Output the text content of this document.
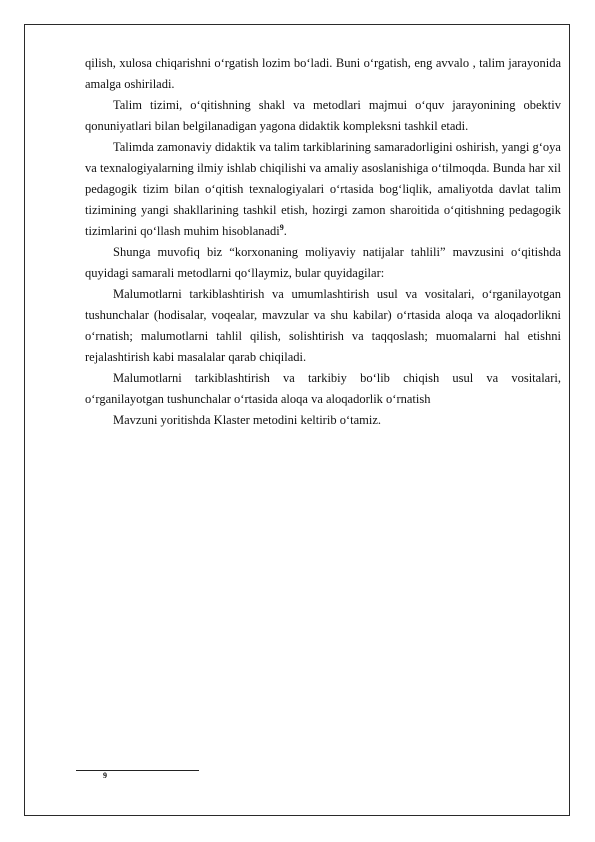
qilish, xulosa chiqarishni o‘rgatish lozim bo‘ladi. Buni o‘rgatish, eng avvalo , talim jarayonida amalga oshiriladi.

Talim tizimi, o‘qitishning shakl va metodlari majmui o‘quv jarayonining obektiv qonuniyatlari bilan belgilanadigan yagona didaktik kompleksni tashkil etadi.

Talimda zamonaviy didaktik va talim tarkiblarining samaradorligini oshirish, yangi g‘oya va texnalogiyalarning ilmiy ishlab chiqilishi va amaliy asoslanishiga o‘tilmoqda. Bunda har xil pedagogik tizim bilan o‘qitish texnalogiyalari o‘rtasida bog‘liqlik, amaliyotda davlat talim tizimining yangi shakllarining tashkil etish, hozirgi zamon sharoitida o‘qitishning pedagogik tizimlarini qo‘llash muhim hisoblanadi$^9$.

Shunga muvofiq biz “korxonaning moliyaviy natijalar tahlili” mavzusini o‘qitishda quyidagi samarali metodlarni qo‘llaymiz, bular quyidagilar:

Malumotlarni tarkiblashtirish va umumlashtirish usul va vositalari, o‘rganilayotgan tushunchalar (hodisalar, voqealar, mavzular va shu kabilar) o‘rtasida aloqa va aloqadorlikni o‘rnatish; malumotlarni tahlil qilish, solishtirish va taqqoslash; muomalarni hal etishni rejalashtirish kabi masalalar qarab chiqiladi.

Malumotlarni tarkiblashtirish va tarkibiy bo‘lib chiqish usul va vositalari, o‘rganilayotgan tushunchalar o‘rtasida aloqa va aloqadorlik o‘rnatish

Mavzuni yoritishda Klaster metodini keltirib o‘tamiz.

9
